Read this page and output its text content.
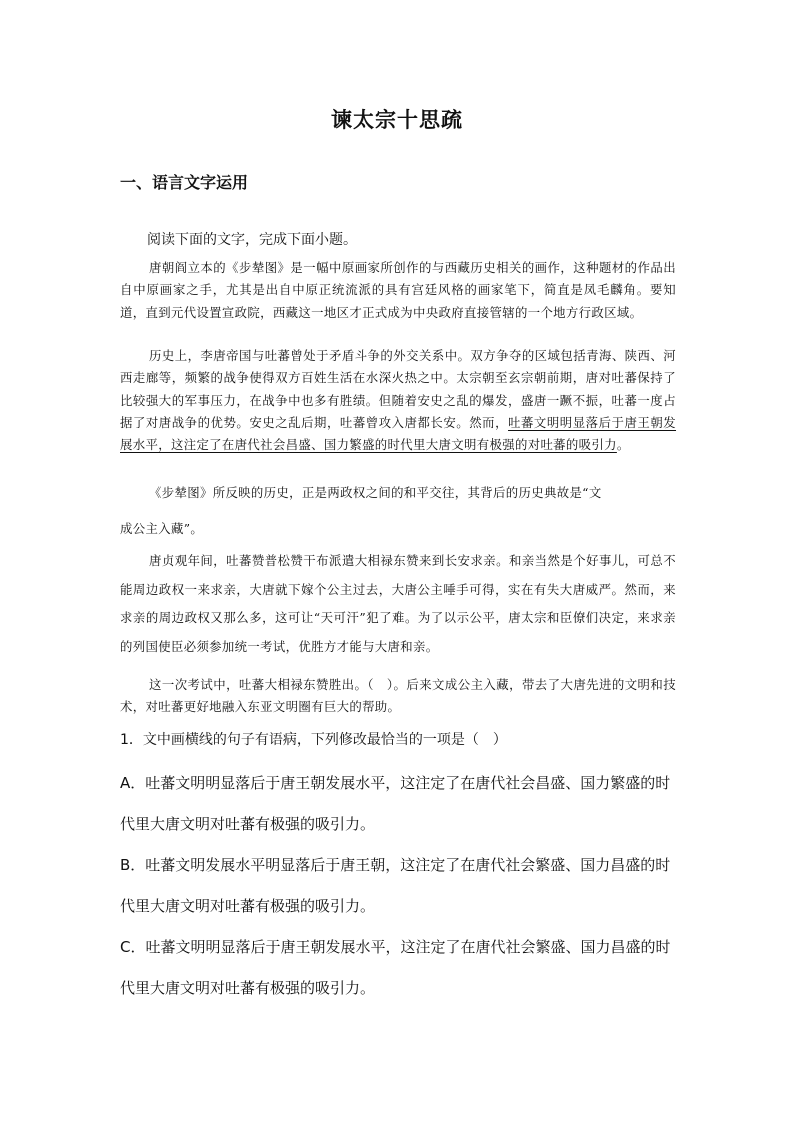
谏太宗十思疏
一、语言文字运用
阅读下面的文字，完成下面小题。

唐朝阎立本的《步辇图》是一幅中原画家所创作的与西藏历史相关的画作，这种题材的作品出自中原画家之手，尤其是出自中原正统流派的具有宫廷风格的画家笔下，简直是凤毛麟角。要知道，直到元代设置宣政院，西藏这一地区才正式成为中央政府直接管辖的一个地方行政区域。

历史上，李唐帝国与吐蕃曾处于矛盾斗争的外交关系中。双方争夺的区域包括青海、陕西、河西走廊等，频繁的战争使得双方百姓生活在水深火热之中。太宗朝至玄宗朝前期，唐对吐蕃保持了比较强大的军事压力，在战争中也多有胜绩。但随着安史之乱的爆发，盛唐一蹶不振，吐蕃一度占据了对唐战争的优势。安史之乱后期，吐蕃曾攻入唐都长安。然而，吐蕃文明明显落后于唐王朝发展水平，这注定了在唐代社会昌盛、国力繁盛的时代里大唐文明有极强的对吐蕃的吸引力。

《步辇图》所反映的历史，正是两政权之间的和平交往，其背后的历史典故是“文

成公主入藏”。

唐贞观年间，吐蕃赞普松赞干布派遣大相禄东赞来到长安求亲。和亲当然是个好事儿，可总不能周边政权一来求亲，大唐就下嫁个公主过去，大唐公主唾手可得，实在有失大唐威严。然而，来求亲的周边政权又那么多，这可让“天可汗”犯了难。为了以示公平，唐太宗和臣僚们决定，来求亲的列国使臣必须参加统一考试，优胜方才能与大唐和亲。

这一次考试中，吐蕃大相禄东赞胜出。（　）。后来文成公主入藏，带去了大唐先进的文明和技术，对吐蕃更好地融入东亚文明圈有巨大的帮助。

1．文中画横线的句子有语病，下列修改最恰当的一项是（　）

A．吐蕃文明明显落后于唐王朝发展水平，这注定了在唐代社会昌盛、国力繁盛的时代里大唐文明对吐蕃有极强的吸引力。

B．吐蕃文明发展水平明显落后于唐王朝，这注定了在唐代社会繁盛、国力昌盛的时代里大唐文明对吐蕃有极强的吸引力。

C．吐蕃文明明显落后于唐王朝发展水平，这注定了在唐代社会繁盛、国力昌盛的时代里大唐文明对吐蕃有极强的吸引力。
